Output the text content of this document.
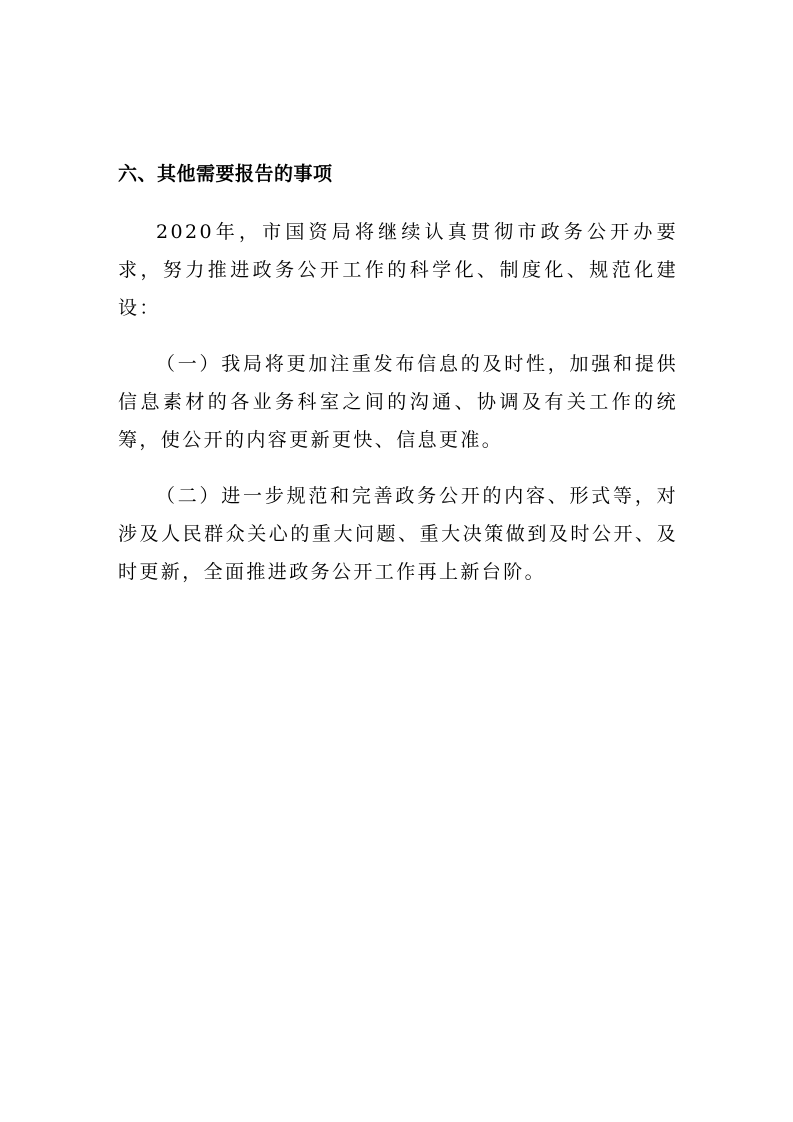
六、其他需要报告的事项

2020年，市国资局将继续认真贯彻市政务公开办要求，努力推进政务公开工作的科学化、制度化、规范化建设：

（一）我局将更加注重发布信息的及时性，加强和提供信息素材的各业务科室之间的沟通、协调及有关工作的统筹，使公开的内容更新更快、信息更准。

（二）进一步规范和完善政务公开的内容、形式等，对涉及人民群众关心的重大问题、重大决策做到及时公开、及时更新，全面推进政务公开工作再上新台阶。
